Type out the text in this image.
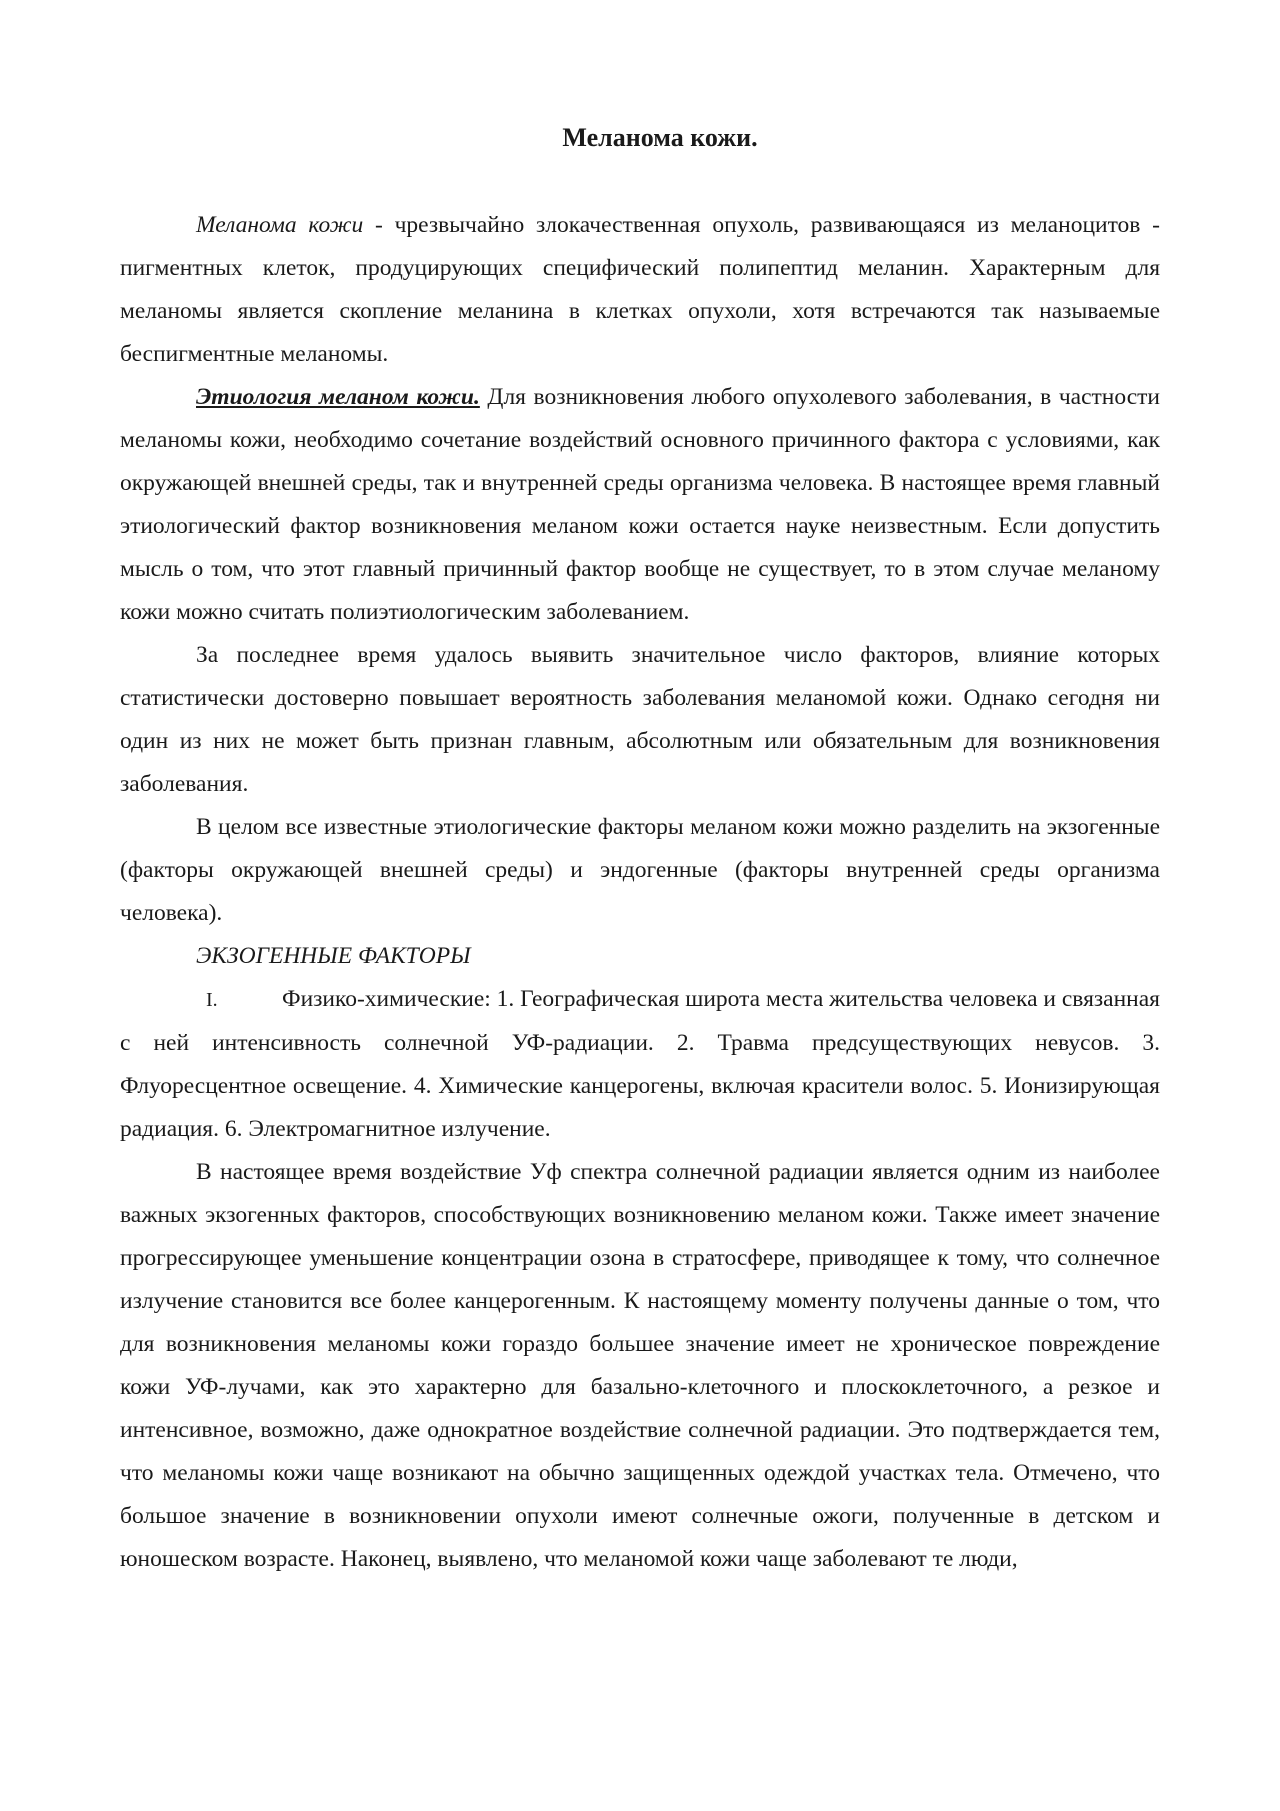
Меланома кожи.

Меланома кожи - чрезвычайно злокачественная опухоль, развивающаяся из меланоцитов - пигментных клеток, продуцирующих специфический полипептид меланин. Характерным для меланомы является скопление меланина в клетках опухоли, хотя встречаются так называемые беспигментные меланомы.

Этиология меланом кожи. Для возникновения любого опухолевого заболевания, в частности меланомы кожи, необходимо сочетание воздействий основного причинного фактора с условиями, как окружающей внешней среды, так и внутренней среды организма человека. В настоящее время главный этиологический фактор возникновения меланом кожи остается науке неизвестным. Если допустить мысль о том, что этот главный причинный фактор вообще не существует, то в этом случае меланому кожи можно считать полиэтиологическим заболеванием.

За последнее время удалось выявить значительное число факторов, влияние которых статистически достоверно повышает вероятность заболевания меланомой кожи. Однако сегодня ни один из них не может быть признан главным, абсолютным или обязательным для возникновения заболевания.

В целом все известные этиологические факторы меланом кожи можно разделить на экзогенные (факторы окружающей внешней среды) и эндогенные (факторы внутренней среды организма человека).

ЭКЗОГЕННЫЕ ФАКТОРЫ

I.	Физико-химические: 1. Географическая широта места жительства человека и связанная с ней интенсивность солнечной УФ-радиации. 2. Травма предсуществующих невусов. 3. Флуоресцентное освещение. 4. Химические канцерогены, включая красители волос. 5. Ионизирующая радиация. 6. Электромагнитное излучение.

В настоящее время воздействие Уф спектра солнечной радиации является одним из наиболее важных экзогенных факторов, способствующих возникновению меланом кожи. Также имеет значение прогрессирующее уменьшение концентрации озона в стратосфере, приводящее к тому, что солнечное излучение становится все более канцерогенным. К настоящему моменту получены данные о том, что для возникновения меланомы кожи гораздо большее значение имеет не хроническое повреждение кожи УФ-лучами, как это характерно для базально-клеточного и плоскоклеточного, а резкое и интенсивное, возможно, даже однократное воздействие солнечной радиации. Это подтверждается тем, что меланомы кожи чаще возникают на обычно защищенных одеждой участках тела. Отмечено, что большое значение в возникновении опухоли имеют солнечные ожоги, полученные в детском и юношеском возрасте. Наконец, выявлено, что меланомой кожи чаще заболевают те люди,
